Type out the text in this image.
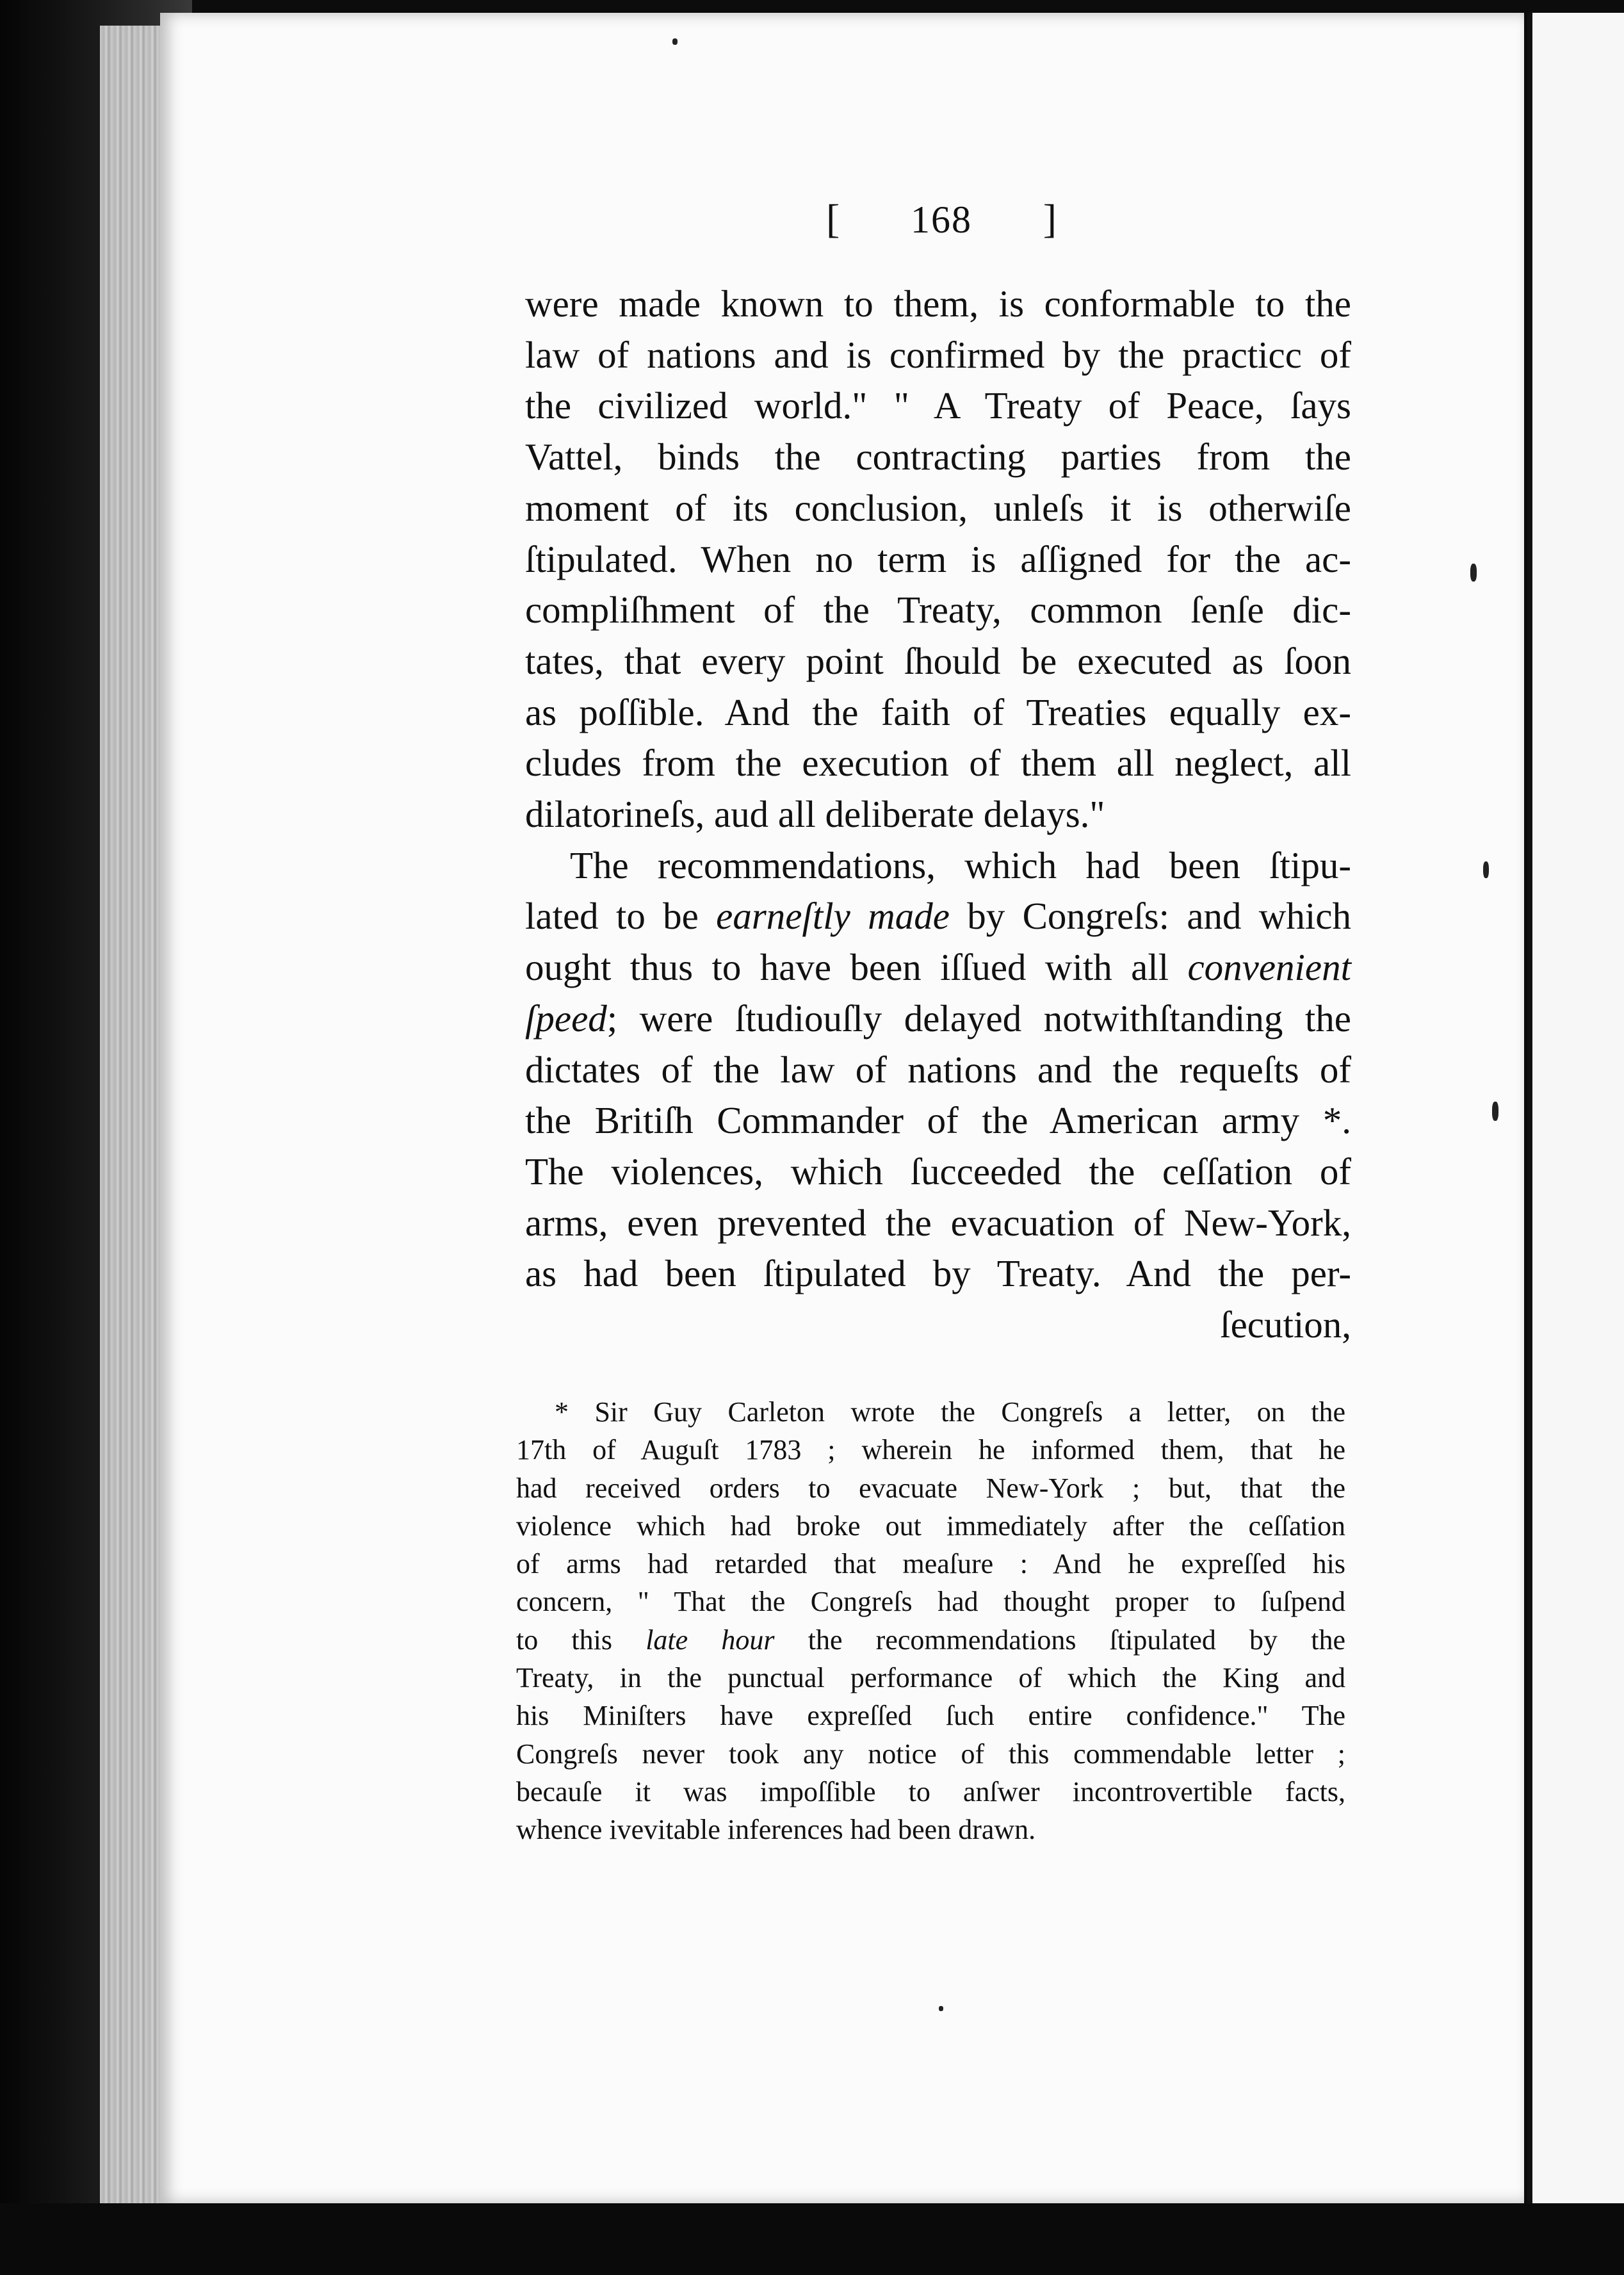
[ 168 ]
were made known to them, is conformable to the
law of nations and is confirmed by the practicc of
the civilized world." " A Treaty of Peace, ſays
Vattel, binds the contracting parties from the
moment of its conclusion, unleſs it is otherwiſe
ſtipulated. When no term is aſſigned for the ac-
compliſhment of the Treaty, common ſenſe dic-
tates, that every point ſhould be executed as ſoon
as poſſible. And the faith of Treaties equally ex-
cludes from the execution of them all neglect, all
dilatorineſs, aud all deliberate delays."
The recommendations, which had been ſtipu-
lated to be earneſtly made by Congreſs: and which
ought thus to have been iſſued with all convenient
ſpeed; were ſtudiouſly delayed notwithſtanding the
dictates of the law of nations and the requeſts of
the Britiſh Commander of the American army *.
The violences, which ſucceeded the ceſſation of
arms, even prevented the evacuation of New-York,
as had been ſtipulated by Treaty. And the per-
ſecution,
* Sir Guy Carleton wrote the Congreſs a letter, on the
17th of Auguſt 1783 ; wherein he informed them, that he
had received orders to evacuate New-York ; but, that the
violence which had broke out immediately after the ceſſation
of arms had retarded that meaſure : And he expreſſed his
concern, " That the Congreſs had thought proper to ſuſpend
to this late hour the recommendations ſtipulated by the
Treaty, in the punctual performance of which the King and
his Miniſters have expreſſed ſuch entire confidence." The
Congreſs never took any notice of this commendable letter ;
becauſe it was impoſſible to anſwer incontrovertible facts,
whence ivevitable inferences had been drawn.
